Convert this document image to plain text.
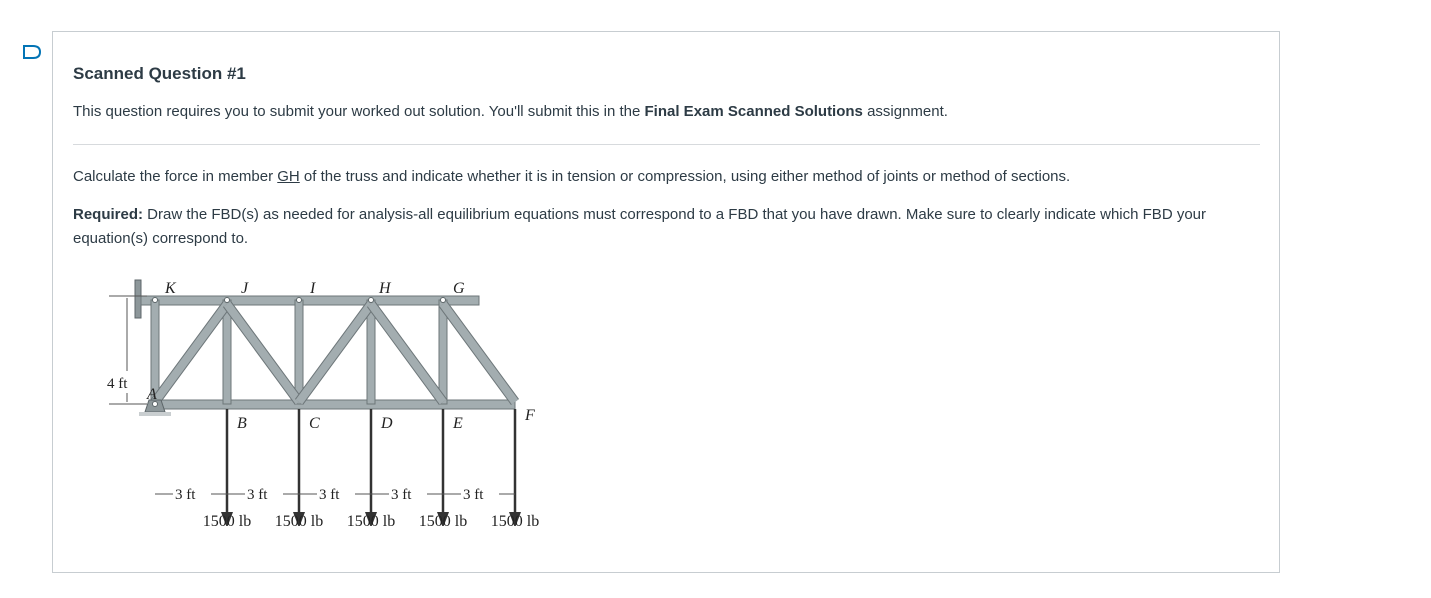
Scanned Question #1

This question requires you to submit your worked out solution. You'll submit this in the Final Exam Scanned Solutions assignment.

Calculate the force in member GH of the truss and indicate whether it is in tension or compression, using either method of joints or method of sections.

Required: Draw the FBD(s) as needed for analysis-all equilibrium equations must correspond to a FBD that you have drawn. Make sure to clearly indicate which FBD your equation(s) correspond to.

4 ft
K	J	I	H	G
A
B	C	D	E	F
3 ft	3 ft	3 ft	3 ft	3 ft
1500 lb 1500 lb 1500 lb 1500 lb 1500 lb
